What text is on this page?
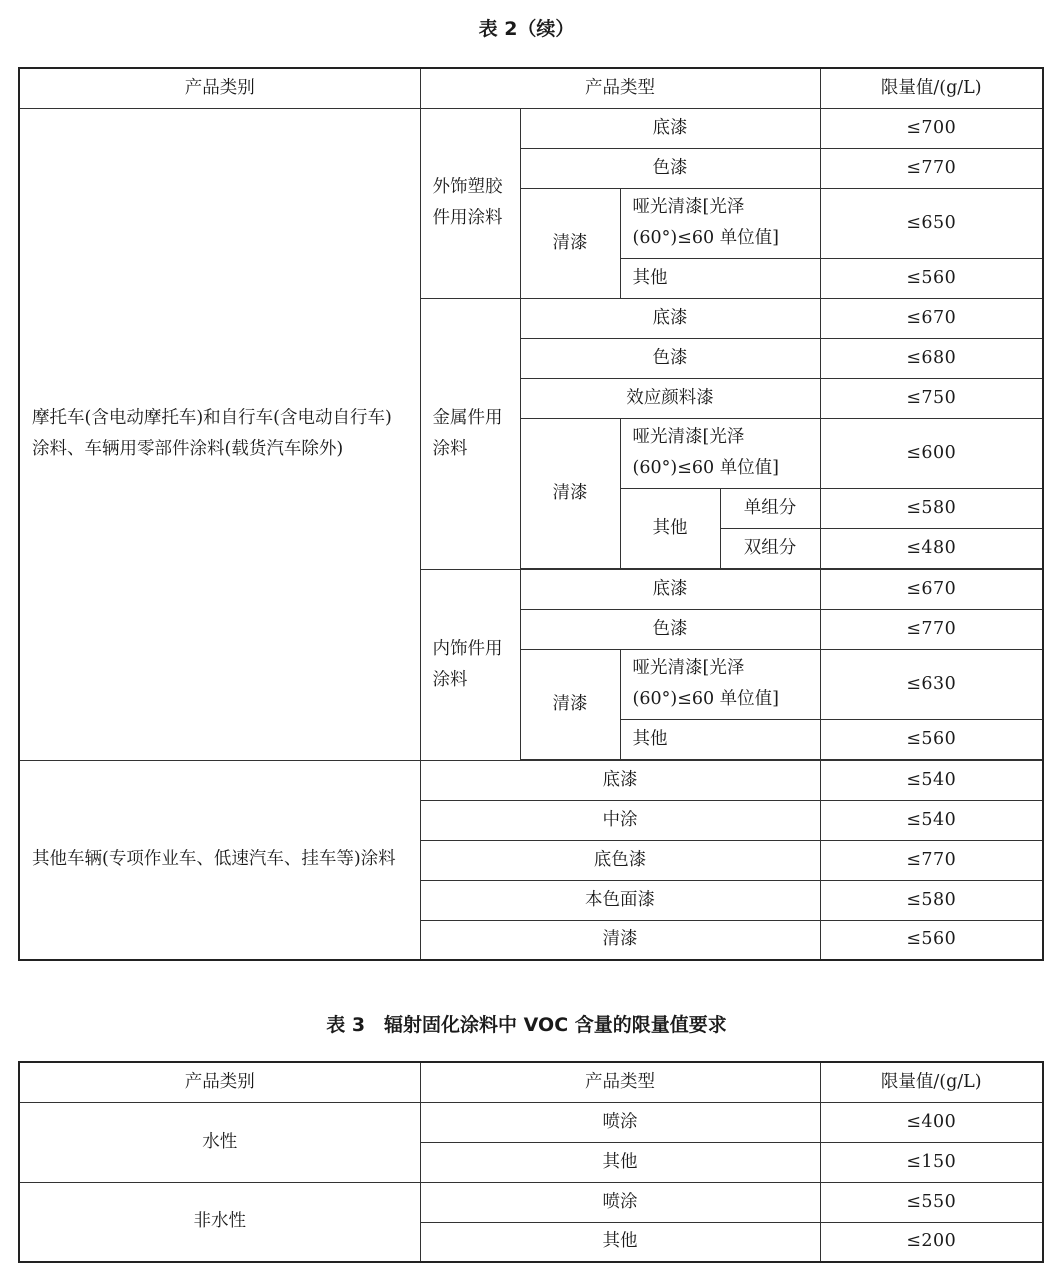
表 2（续）
产品类别	产品类型				限量值/(g/L)
摩托车(含电动摩托车)和自行车(含电动自行车)涂料、车辆用零部件涂料(载货汽车除外)	外饰塑胶件用涂料	底漆			≤700
		色漆			≤770
		清漆	哑光清漆[光泽(60°)≤60 单位值]		≤650
			其他		≤560
	金属件用涂料	底漆			≤670
		色漆			≤680
		效应颜料漆			≤750
		清漆	哑光清漆[光泽(60°)≤60 单位值]		≤600
			其他	单组分	≤580
				双组分	≤480

	内饰件用涂料	底漆			≤670
		色漆			≤770
		清漆	哑光清漆[光泽(60°)≤60 单位值]		≤630
			其他		≤560

其他车辆(专项作业车、低速汽车、挂车等)涂料	底漆				≤540
	中涂				≤540
	底色漆				≤770
	本色面漆				≤580
	清漆				≤560
表 3　辐射固化涂料中 VOC 含量的限量值要求
产品类别	产品类型	限量值/(g/L)
水性	喷涂	≤400
	其他	≤150
非水性	喷涂	≤550
	其他	≤200
